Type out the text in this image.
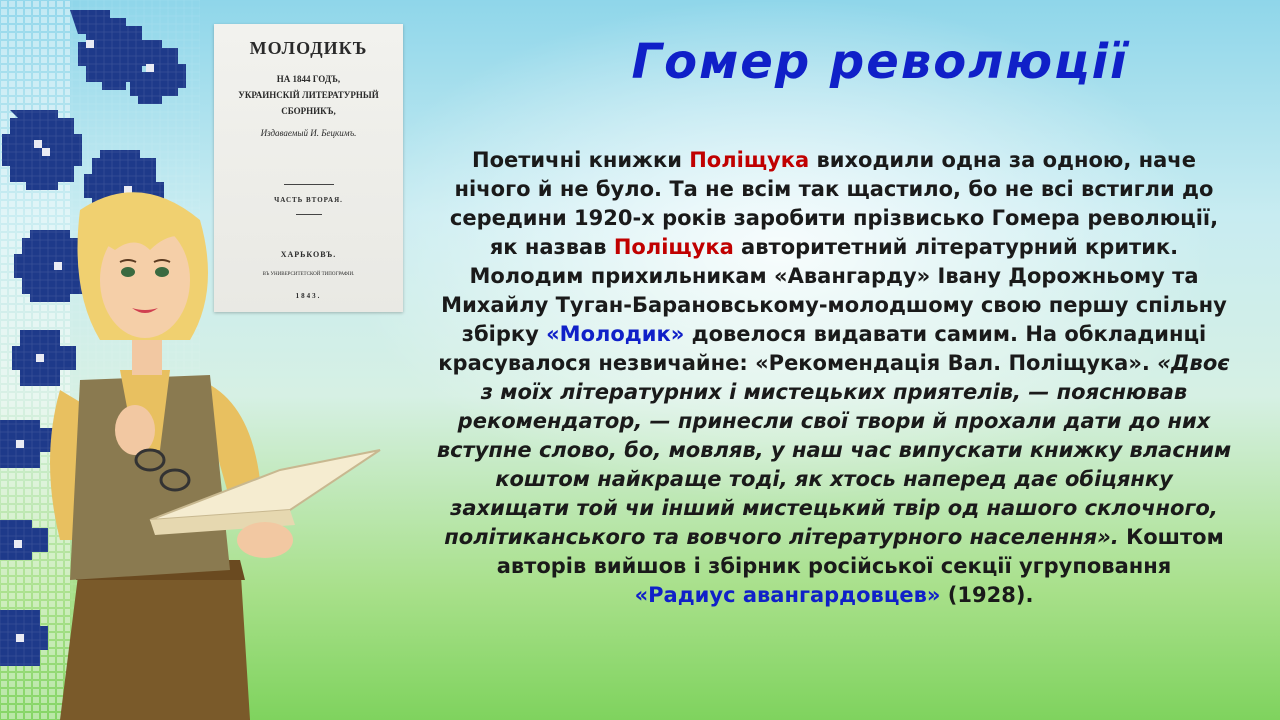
МОЛОДИКЪ
НА 1844 ГОДЪ,
УКРАИНСКІЙ ЛИТЕРАТУРНЫЙ
СБОРНИКЪ,
Издаваемый И. Бецкимъ.
ЧАСТЬ ВТОРАЯ.
ХАРЬКОВЪ.
ВЪ УНИВЕРСИТЕТСКОЙ ТИПОГРАФІИ.
1843.
Гомер революції

Поетичні книжки Поліщука виходили одна за одною, наче нічого й не було. Та не всім так щастило, бо не всі встигли до середини 1920-х років заробити прізвисько Гомера революції, як назвав Поліщука авторитетний літературний критик. Молодим прихильникам «Авангарду» Івану Дорожньому та Михайлу Туган-Барановському-молодшому свою першу спільну збірку «Молодик» довелося видавати самим. На обкладинці красувалося незвичайне: «Рекомендація Вал. Поліщука». «Двоє з моїх літературних і мистецьких приятелів, — пояснював рекомендатор, — принесли свої твори й прохали дати до них вступне слово, бо, мовляв, у наш час випускати книжку власним коштом найкраще тоді, як хтось наперед дає обіцянку захищати той чи інший мистецький твір од нашого склочного, політиканського та вовчого літературного населення». Коштом авторів вийшов і збірник російської секції угруповання
«Радиус авангардовцев» (1928).
